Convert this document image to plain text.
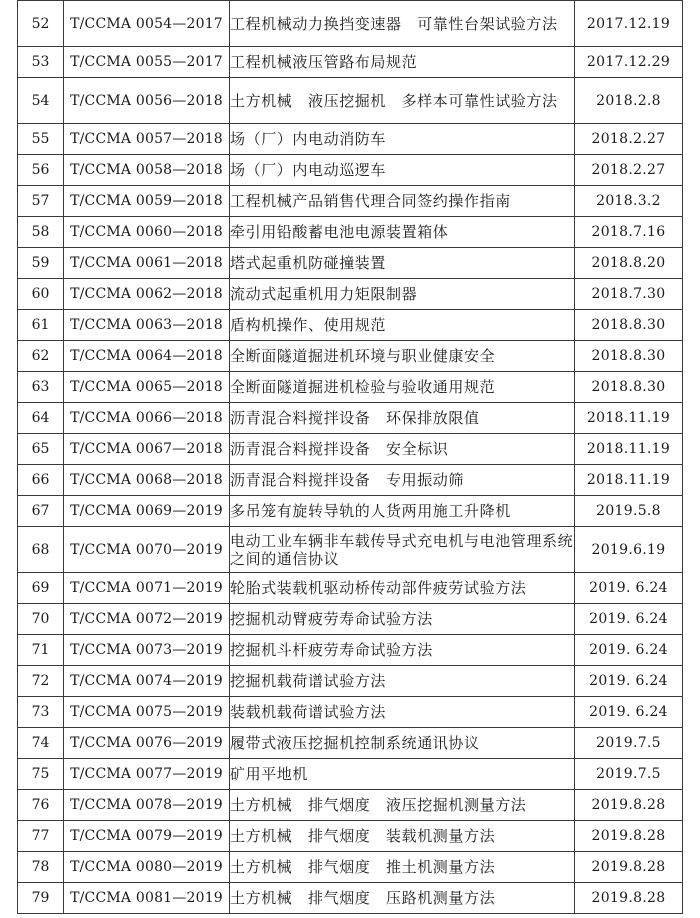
52	T/CCMA 0054—2017	工程机械动力换挡变速器　可靠性台架试验方法	2017.12.19
53	T/CCMA 0055—2017	工程机械液压管路布局规范	2017.12.29
54	T/CCMA 0056—2018	土方机械　液压挖掘机　多样本可靠性试验方法	2018.2.8
55	T/CCMA 0057—2018	场（厂）内电动消防车	2018.2.27
56	T/CCMA 0058—2018	场（厂）内电动巡逻车	2018.2.27
57	T/CCMA 0059—2018	工程机械产品销售代理合同签约操作指南	2018.3.2
58	T/CCMA 0060—2018	牵引用铅酸蓄电池电源装置箱体	2018.7.16
59	T/CCMA 0061—2018	塔式起重机防碰撞装置	2018.8.20
60	T/CCMA 0062—2018	流动式起重机用力矩限制器	2018.7.30
61	T/CCMA 0063—2018	盾构机操作、使用规范	2018.8.30
62	T/CCMA 0064—2018	全断面隧道掘进机环境与职业健康安全	2018.8.30
63	T/CCMA 0065—2018	全断面隧道掘进机检验与验收通用规范	2018.8.30
64	T/CCMA 0066—2018	沥青混合料搅拌设备　环保排放限值	2018.11.19
65	T/CCMA 0067—2018	沥青混合料搅拌设备　安全标识	2018.11.19
66	T/CCMA 0068—2018	沥青混合料搅拌设备　专用振动筛	2018.11.19
67	T/CCMA 0069—2019	多吊笼有旋转导轨的人货两用施工升降机	2019.5.8
68	T/CCMA 0070—2019	电动工业车辆非车载传导式充电机与电池管理系统之间的通信协议	2019.6.19
69	T/CCMA 0071—2019	轮胎式装载机驱动桥传动部件疲劳试验方法	2019. 6.24
70	T/CCMA 0072—2019	挖掘机动臂疲劳寿命试验方法	2019. 6.24
71	T/CCMA 0073—2019	挖掘机斗杆疲劳寿命试验方法	2019. 6.24
72	T/CCMA 0074—2019	挖掘机载荷谱试验方法	2019. 6.24
73	T/CCMA 0075—2019	装载机载荷谱试验方法	2019. 6.24
74	T/CCMA 0076—2019	履带式液压挖掘机控制系统通讯协议	2019.7.5
75	T/CCMA 0077—2019	矿用平地机	2019.7.5
76	T/CCMA 0078—2019	土方机械　排气烟度　液压挖掘机测量方法	2019.8.28
77	T/CCMA 0079—2019	土方机械　排气烟度　装载机测量方法	2019.8.28
78	T/CCMA 0080—2019	土方机械　排气烟度　推土机测量方法	2019.8.28
79	T/CCMA 0081—2019	土方机械　排气烟度　压路机测量方法	2019.8.28
